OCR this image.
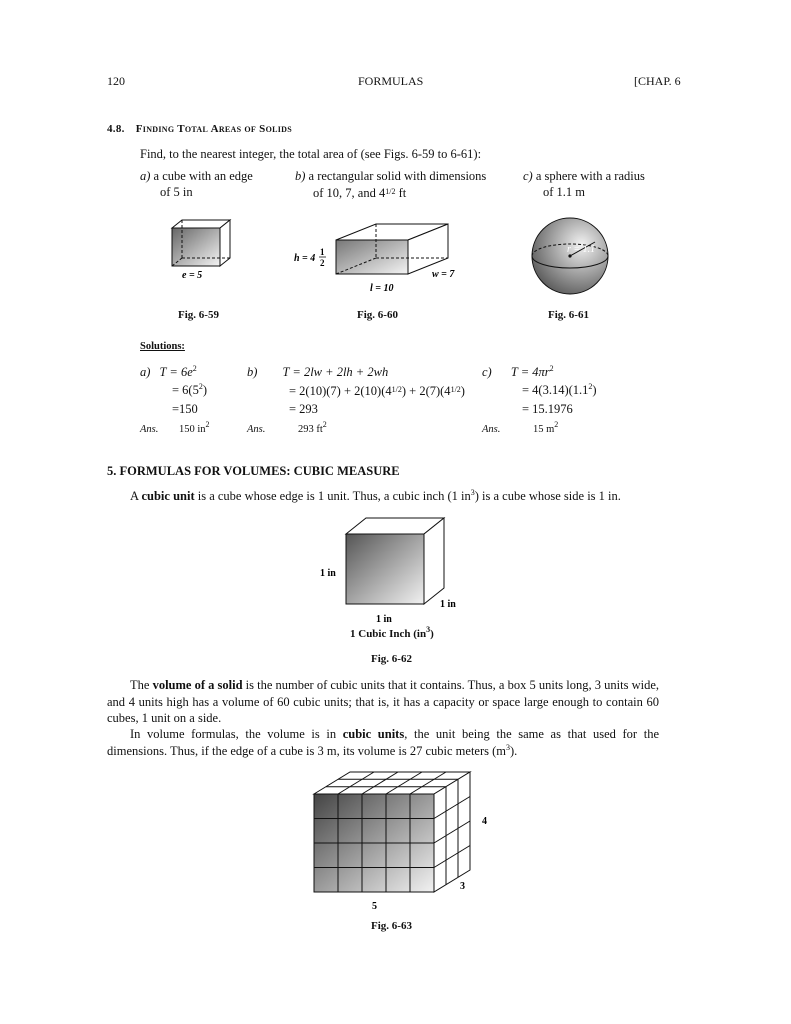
120	FORMULAS	[CHAP. 6
4.8. Finding Total Areas of Solids
Find, to the nearest integer, the total area of (see Figs. 6-59 to 6-61):
a) a cube with an edge
of 5 in
b) a rectangular solid with dimensions
of 10, 7, and 41/2 ft
c) a sphere with a radius
of 1.1 m
e = 5
Fig. 6-59
h = 4
1
2
l = 10
w = 7
Fig. 6-60
r = 1.1
Fig. 6-61
Solutions:
a) $T = 6e^2$
= $6(5^2)$
=150
Ans. 150 $in^2$
b) T = 2lw + 2lh + 2wh
= 2(10)(7) + 2(10)(41/2) + 2(7)(41/2)
= 293
Ans.	293 $ft^2$
c) $T = 4\pi r^2$
= $4(3.14)(1.1^2)$
= 15.1976
Ans.	15 $m^2$
5. FORMULAS FOR VOLUMES: CUBIC MEASURE
A cubic unit is a cube whose edge is 1 unit. Thus, a cubic inch (1 $in^3$) is a cube whose side is 1 in.
1 in
1 in
1 in
1 Cubic Inch $(in^3)$
Fig. 6-62
The volume of a solid is the number of cubic units that it contains. Thus, a box 5 units long, 3 units wide, and 4 units high has a volume of 60 cubic units; that is, it has a capacity or space large enough to contain 60 cubes, 1 unit on a side.
In volume formulas, the volume is in cubic units, the unit being the same as that used for the dimensions. Thus, if the edge of a cube is 3 m, its volume is 27 cubic meters $(m^3)$.
4
3
5
Fig. 6-63
